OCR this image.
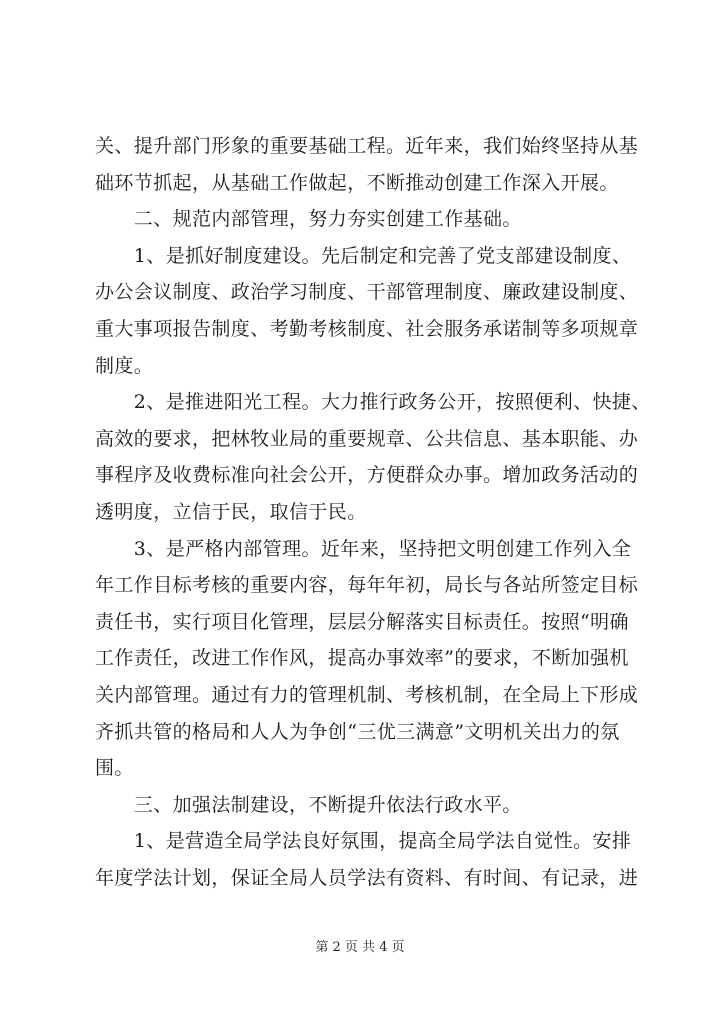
关、提升部门形象的重要基础工程。近年来，我们始终坚持从基
础环节抓起，从基础工作做起，不断推动创建工作深入开展。
　　二、规范内部管理，努力夯实创建工作基础。
　　1、是抓好制度建设。先后制定和完善了党支部建设制度、
办公会议制度、政治学习制度、干部管理制度、廉政建设制度、
重大事项报告制度、考勤考核制度、社会服务承诺制等多项规章
制度。
　　2、是推进阳光工程。大力推行政务公开，按照便利、快捷、
高效的要求，把林牧业局的重要规章、公共信息、基本职能、办
事程序及收费标准向社会公开，方便群众办事。增加政务活动的
透明度，立信于民，取信于民。
　　3、是严格内部管理。近年来，坚持把文明创建工作列入全
年工作目标考核的重要内容，每年年初，局长与各站所签定目标
责任书，实行项目化管理，层层分解落实目标责任。按照“明确
工作责任，改进工作作风，提高办事效率”的要求，不断加强机
关内部管理。通过有力的管理机制、考核机制，在全局上下形成
齐抓共管的格局和人人为争创“三优三满意”文明机关出力的氛
围。
　　三、加强法制建设，不断提升依法行政水平。
　　1、是营造全局学法良好氛围，提高全局学法自觉性。安排
年度学法计划，保证全局人员学法有资料、有时间、有记录，进
第 2 页 共 4 页
